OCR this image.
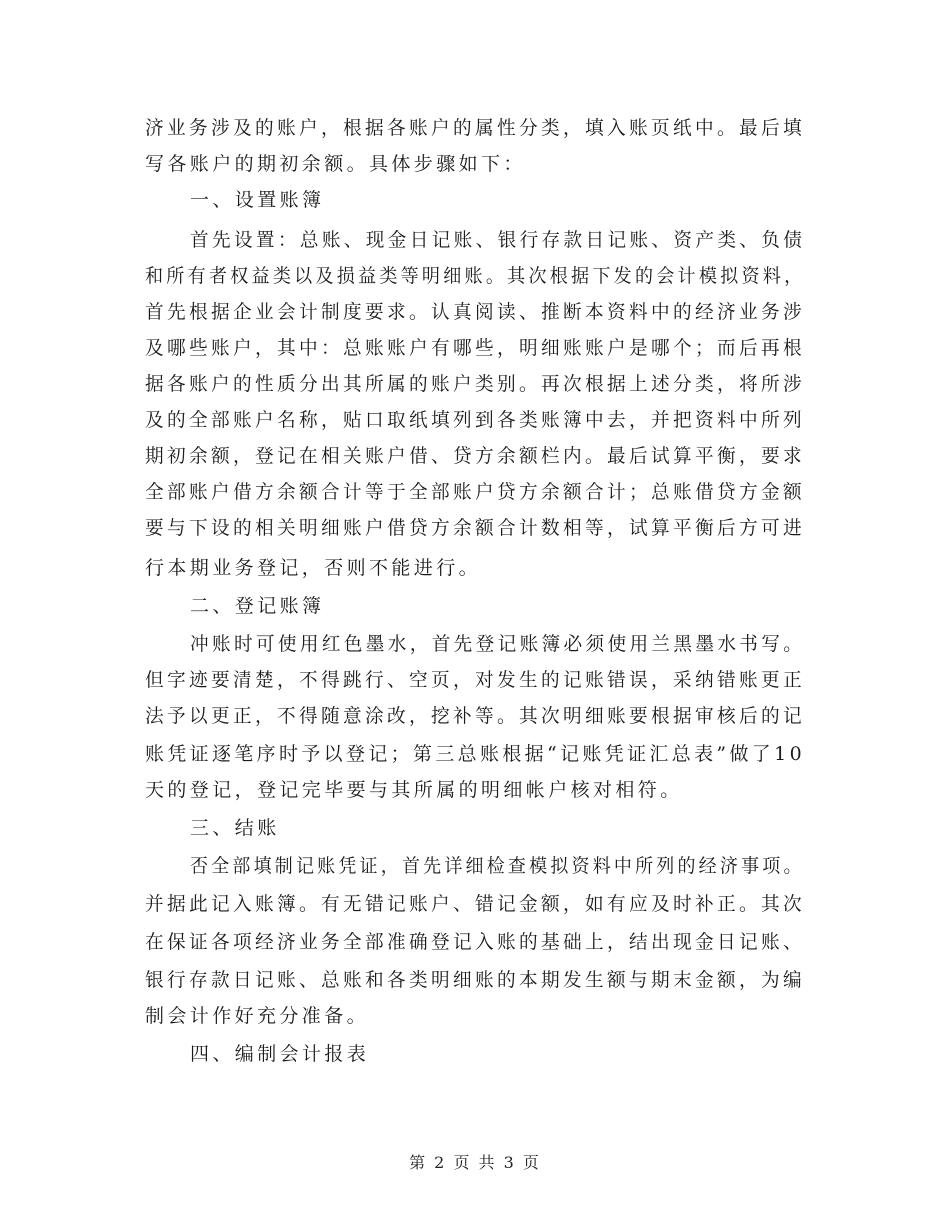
济业务涉及的账户，根据各账户的属性分类，填入账页纸中。最后填
写各账户的期初余额。具体步骤如下：
一、设置账簿
首先设置：总账、现金日记账、银行存款日记账、资产类、负债
和所有者权益类以及损益类等明细账。其次根据下发的会计模拟资料，
首先根据企业会计制度要求。认真阅读、推断本资料中的经济业务涉
及哪些账户，其中：总账账户有哪些，明细账账户是哪个；而后再根
据各账户的性质分出其所属的账户类别。再次根据上述分类，将所涉
及的全部账户名称，贴口取纸填列到各类账簿中去，并把资料中所列
期初余额，登记在相关账户借、贷方余额栏内。最后试算平衡，要求
全部账户借方余额合计等于全部账户贷方余额合计；总账借贷方金额
要与下设的相关明细账户借贷方余额合计数相等，试算平衡后方可进
行本期业务登记，否则不能进行。
二、登记账簿
冲账时可使用红色墨水，首先登记账簿必须使用兰黑墨水书写。
但字迹要清楚，不得跳行、空页，对发生的记账错误，采纳错账更正
法予以更正，不得随意涂改，挖补等。其次明细账要根据审核后的记
账凭证逐笔序时予以登记；第三总账根据“记账凭证汇总表”做了10
天的登记，登记完毕要与其所属的明细帐户核对相符。
三、结账
否全部填制记账凭证，首先详细检查模拟资料中所列的经济事项。
并据此记入账簿。有无错记账户、错记金额，如有应及时补正。其次
在保证各项经济业务全部准确登记入账的基础上，结出现金日记账、
银行存款日记账、总账和各类明细账的本期发生额与期末金额，为编
制会计作好充分准备。
四、编制会计报表
第 2 页 共 3 页
